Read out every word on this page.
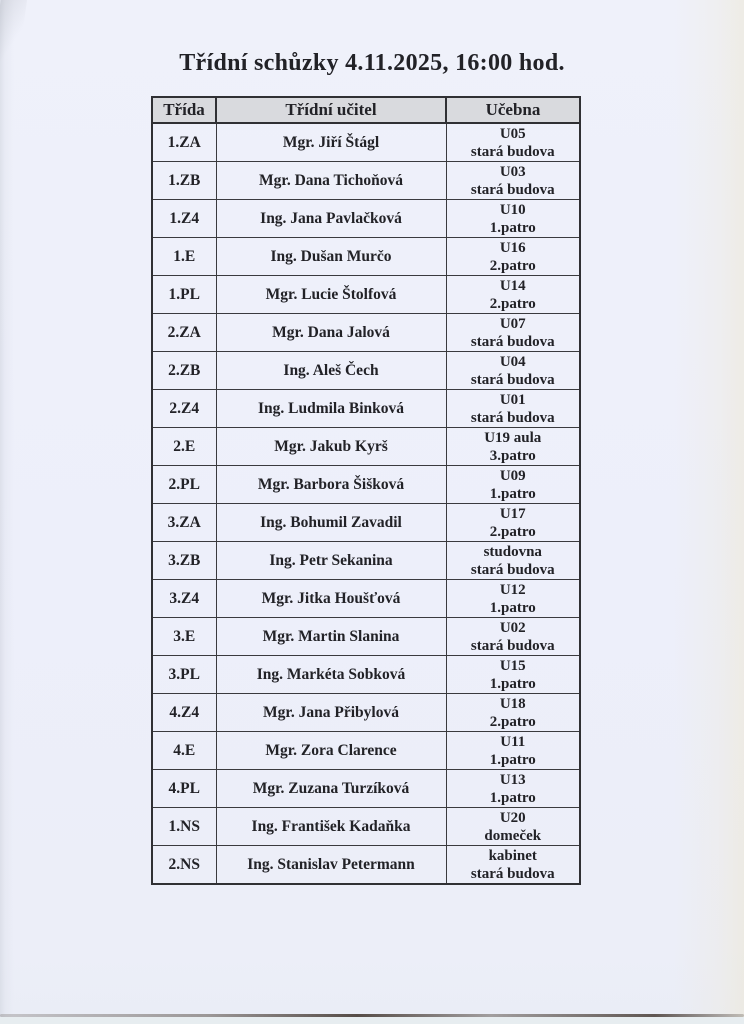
Třídní schůzky 4.11.2025, 16:00 hod.
Třída	Třídní učitel	Učebna
1.ZA	Mgr. Jiří Štágl	U05
stará budova

1.ZB	Mgr. Dana Tichoňová	U03
stará budova

1.Z4	Ing. Jana Pavlačková	U10
1.patro

1.E	Ing. Dušan Murčo	U16
2.patro

1.PL	Mgr. Lucie Štolfová	U14
2.patro

2.ZA	Mgr. Dana Jalová	U07
stará budova

2.ZB	Ing. Aleš Čech	U04
stará budova

2.Z4	Ing. Ludmila Binková	U01
stará budova

2.E	Mgr. Jakub Kyrš	U19 aula
3.patro

2.PL	Mgr. Barbora Šišková	U09
1.patro

3.ZA	Ing. Bohumil Zavadil	U17
2.patro

3.ZB	Ing. Petr Sekanina	studovna
stará budova

3.Z4	Mgr. Jitka Houšťová	U12
1.patro

3.E	Mgr. Martin Slanina	U02
stará budova

3.PL	Ing. Markéta Sobková	U15
1.patro

4.Z4	Mgr. Jana Přibylová	U18
2.patro

4.E	Mgr. Zora Clarence	U11
1.patro

4.PL	Mgr. Zuzana Turzíková	U13
1.patro

1.NS	Ing. František Kadaňka	U20
domeček

2.NS	Ing. Stanislav Petermann	kabinet
stará budova
